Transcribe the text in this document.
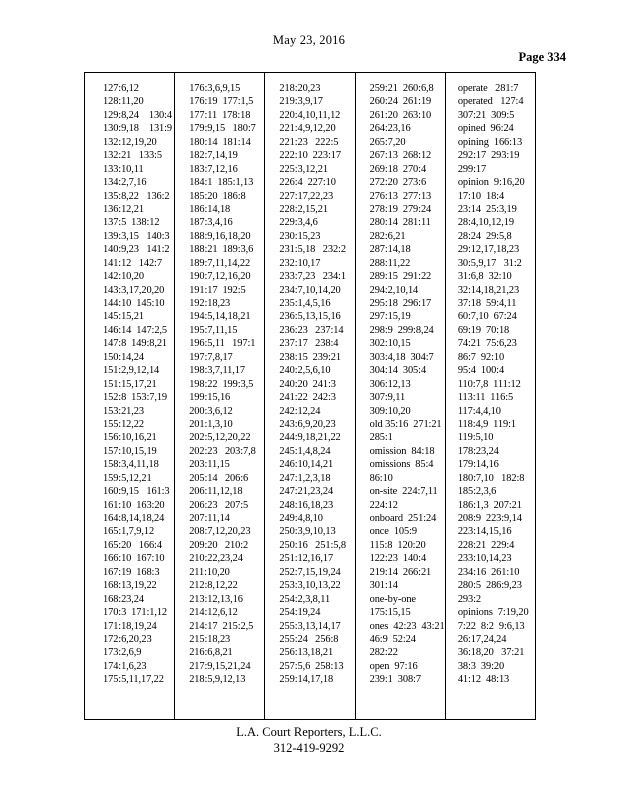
May 23, 2016
Page 334
127:6,12
128:11,20
129:8,24    130:4
130:9,18    131:9
132:12,19,20
132:21   133:5
133:10,11
134:2,7,16
135:8,22   136:2
136:12,21
137:5  138:12
139:3,15   140:3
140:9,23   141:2
141:12   142:7
142:10,20
143:3,17,20,20
144:10  145:10
145:15,21
146:14  147:2,5
147:8  149:8,21
150:14,24
151:2,9,12,14
151:15,17,21
152:8  153:7,19
153:21,23
155:12,22
156:10,16,21
157:10,15,19
158:3,4,11,18
159:5,12,21
160:9,15   161:3
161:10  163:20
164:8,14,18,24
165:1,7,9,12
165:20   166:4
166:10  167:10
167:19  168:3
168:13,19,22
168:23,24
170:3  171:1,12
171:18,19,24
172:6,20,23
173:2,6,9
174:1,6,23
175:5,11,17,22
176:3,6,9,15
176:19  177:1,5
177:11  178:18
179:9,15   180:7
180:14  181:14
182:7,14,19
183:7,12,16
184:1  185:1,13
185:20  186:8
186:14,18
187:3,4,16
188:9,16,18,20
188:21  189:3,6
189:7,11,14,22
190:7,12,16,20
191:17  192:5
192:18,23
194:5,14,18,21
195:7,11,15
196:5,11   197:1
197:7,8,17
198:3,7,11,17
198:22  199:3,5
199:15,16
200:3,6,12
201:1,3,10
202:5,12,20,22
202:23   203:7,8
203:11,15
205:14   206:6
206:11,12,18
206:23   207:5
207:11,14
208:7,12,20,23
209:20   210:2
210:22,23,24
211:10,20
212:8,12,22
213:12,13,16
214:12,6,12
214:17  215:2,5
215:18,23
216:6,8,21
217:9,15,21,24
218:5,9,12,13
218:20,23
219:3,9,17
220:4,10,11,12
221:4,9,12,20
221:23   222:5
222:10  223:17
225:3,12,21
226:4  227:10
227:17,22,23
228:2,15,21
229:3,4,6
230:15,23
231:5,18   232:2
232:10,17
233:7,23   234:1
234:7,10,14,20
235:1,4,5,16
236:5,13,15,16
236:23   237:14
237:17   238:4
238:15  239:21
240:2,5,6,10
240:20  241:3
241:22  242:3
242:12,24
243:6,9,20,23
244:9,18,21,22
245:1,4,8,24
246:10,14,21
247:1,2,3,18
247:21,23,24
248:16,18,23
249:4,8,10
250:3,9,10,13
250:16   251:5,8
251:12,16,17
252:7,15,19,24
253:3,10,13,22
254:2,3,8,11
254:19,24
255:3,13,14,17
255:24   256:8
256:13,18,21
257:5,6  258:13
259:14,17,18
259:21  260:6,8
260:24  261:19
261:20  263:10
264:23,16
265:7,20
267:13  268:12
269:18  270:4
272:20  273:6
276:13  277:13
278:19  279:24
280:14  281:11
282:6,21
287:14,18
288:11,22
289:15  291:22
294:2,10,14
295:18  296:17
297:15,19
298:9  299:8,24
302:10,15
303:4,18  304:7
304:14  305:4
306:12,13
307:9,11
309:10,20
old 35:16  271:21
285:1
omission  84:18
omissions  85:4
86:10
on-site  224:7,11
224:12
onboard  251:24
once  105:9
115:8  120:20
122:23  140:4
219:14  266:21
301:14
one-by-one
175:15,15
ones  42:23  43:21
46:9  52:24
282:22
open  97:16
239:1  308:7
operate   281:7
operated   127:4
307:21  309:5
opined  96:24
opining  166:13
292:17  293:19
299:17
opinion  9:16,20
17:10  18:4
23:14  25:3,19
28:4,10,12,19
28:24  29:5,8
29:12,17,18,23
30:5,9,17   31:2
31:6,8  32:10
32:14,18,21,23
37:18  59:4,11
60:7,10  67:24
69:19  70:18
74:21  75:6,23
86:7  92:10
95:4  100:4
110:7,8  111:12
113:11  116:5
117:4,4,10
118:4,9  119:1
119:5,10
178:23,24
179:14,16
180:7,10   182:8
185:2,3,6
186:1,3  207:21
208:9  223:9,14
223:14,15,16
228:21  229:4
233:10,14,23
234:16  261:10
280:5  286:9,23
293:2
opinions  7:19,20
7:22  8:2  9:6,13
26:17,24,24
36:18,20   37:21
38:3  39:20
41:12  48:13
L.A. Court Reporters, L.L.C.
312-419-9292
